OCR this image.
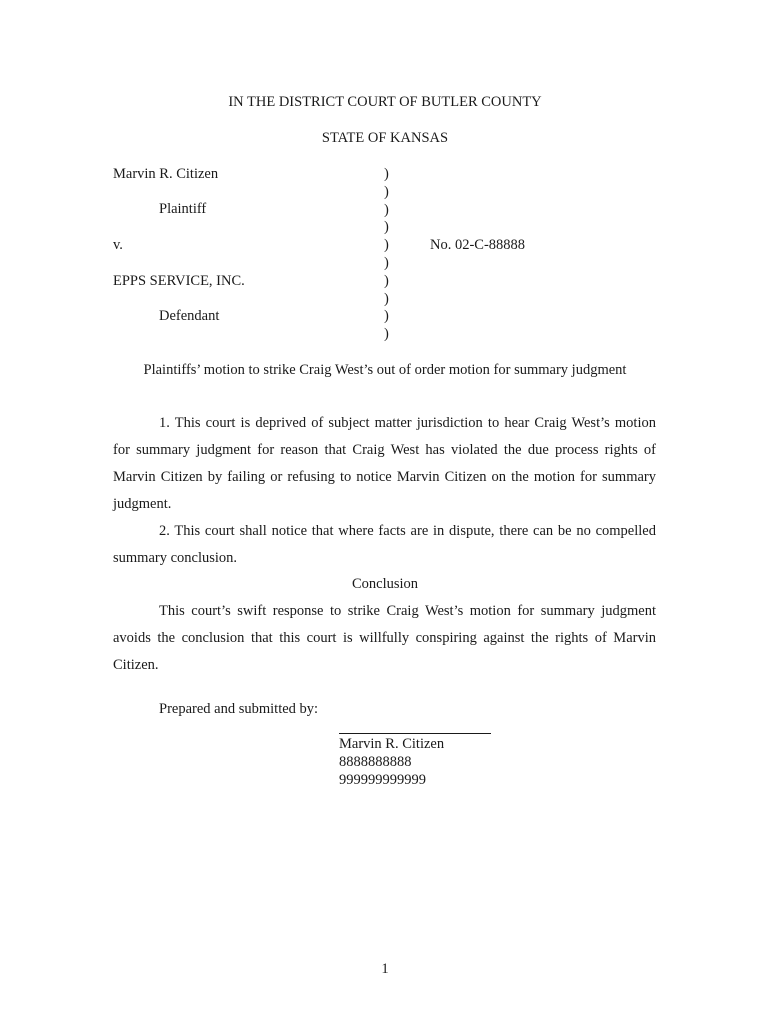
IN THE DISTRICT COURT OF BUTLER COUNTY
STATE OF KANSAS
Marvin R. Citizen
Plaintiff
v.
EPPS SERVICE, INC.
Defendant
)
)
)
)
)
)
)
)
)
)
No. 02-C-88888
Plaintiffs’ motion to strike Craig West’s out of order motion for summary judgment
1. This court is deprived of subject matter jurisdiction to hear Craig West’s motion for summary judgment for reason that Craig West has violated the due process rights of Marvin Citizen by failing or refusing to notice Marvin Citizen on the motion for summary judgment.
2. This court shall notice that where facts are in dispute, there can be no compelled summary conclusion.
Conclusion
This court’s swift response to strike Craig West’s motion for summary judgment avoids the conclusion that this court is willfully conspiring against the rights of Marvin Citizen.
Prepared and submitted by:
Marvin R. Citizen
8888888888
999999999999
1
